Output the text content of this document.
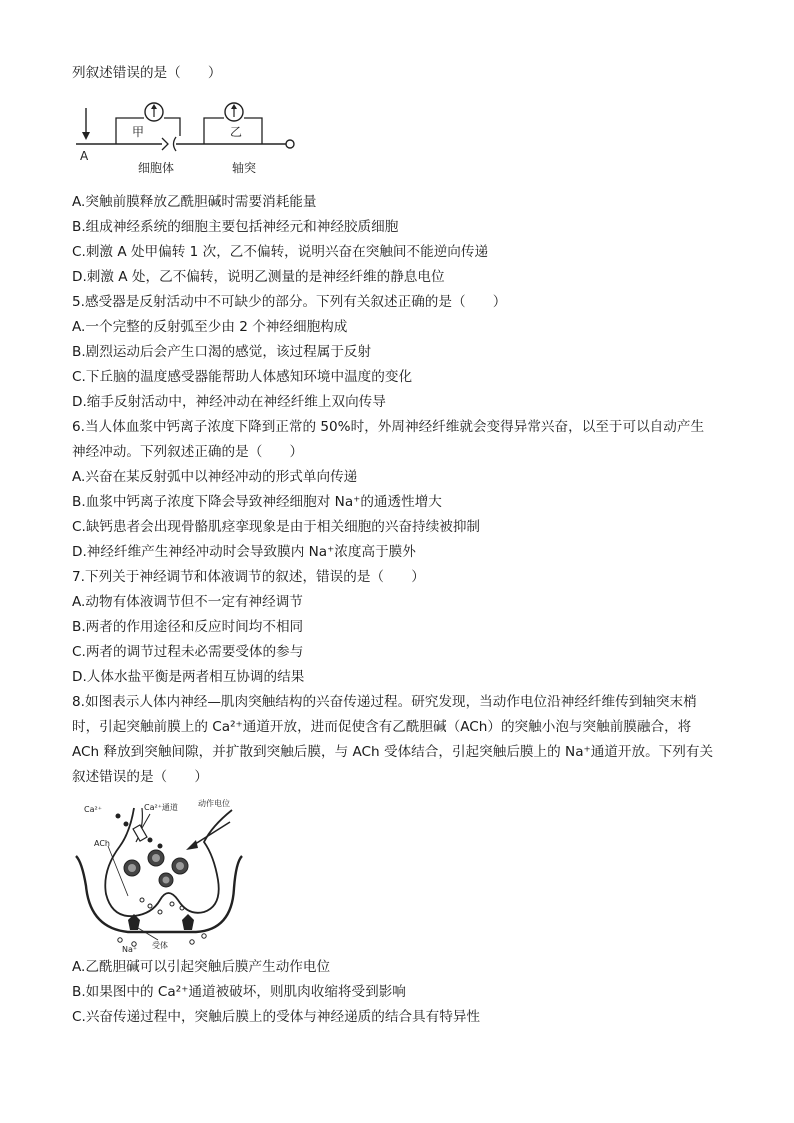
列叙述错误的是（　　）
A
甲	乙
细胞体	轴突
A.突触前膜释放乙酰胆碱时需要消耗能量
B.组成神经系统的细胞主要包括神经元和神经胶质细胞
C.刺激 A 处甲偏转 1 次，乙不偏转，说明兴奋在突触间不能逆向传递
D.刺激 A 处，乙不偏转，说明乙测量的是神经纤维的静息电位
5.感受器是反射活动中不可缺少的部分。下列有关叙述正确的是（　　）
A.一个完整的反射弧至少由 2 个神经细胞构成
B.剧烈运动后会产生口渴的感觉，该过程属于反射
C.下丘脑的温度感受器能帮助人体感知环境中温度的变化
D.缩手反射活动中，神经冲动在神经纤维上双向传导
6.当人体血浆中钙离子浓度下降到正常的 50%时，外周神经纤维就会变得异常兴奋，以至于可以自动产生
神经冲动。下列叙述正确的是（　　）
A.兴奋在某反射弧中以神经冲动的形式单向传递
B.血浆中钙离子浓度下降会导致神经细胞对 Na⁺的通透性增大
C.缺钙患者会出现骨骼肌痉挛现象是由于相关细胞的兴奋持续被抑制
D.神经纤维产生神经冲动时会导致膜内 Na⁺浓度高于膜外
7.下列关于神经调节和体液调节的叙述，错误的是（　　）
A.动物有体液调节但不一定有神经调节
B.两者的作用途径和反应时间均不相同
C.两者的调节过程未必需要受体的参与
D.人体水盐平衡是两者相互协调的结果
8.如图表示人体内神经—肌肉突触结构的兴奋传递过程。研究发现，当动作电位沿神经纤维传到轴突末梢
时，引起突触前膜上的 Ca²⁺通道开放，进而促使含有乙酰胆碱（ACh）的突触小泡与突触前膜融合，将
ACh 释放到突触间隙，并扩散到突触后膜，与 ACh 受体结合，引起突触后膜上的 Na⁺通道开放。下列有关
叙述错误的是（　　）
Ca²⁺	Ca²⁺通道	动作电位
ACh
受体
Na⁺
A.乙酰胆碱可以引起突触后膜产生动作电位
B.如果图中的 Ca²⁺通道被破坏，则肌肉收缩将受到影响
C.兴奋传递过程中，突触后膜上的受体与神经递质的结合具有特异性
